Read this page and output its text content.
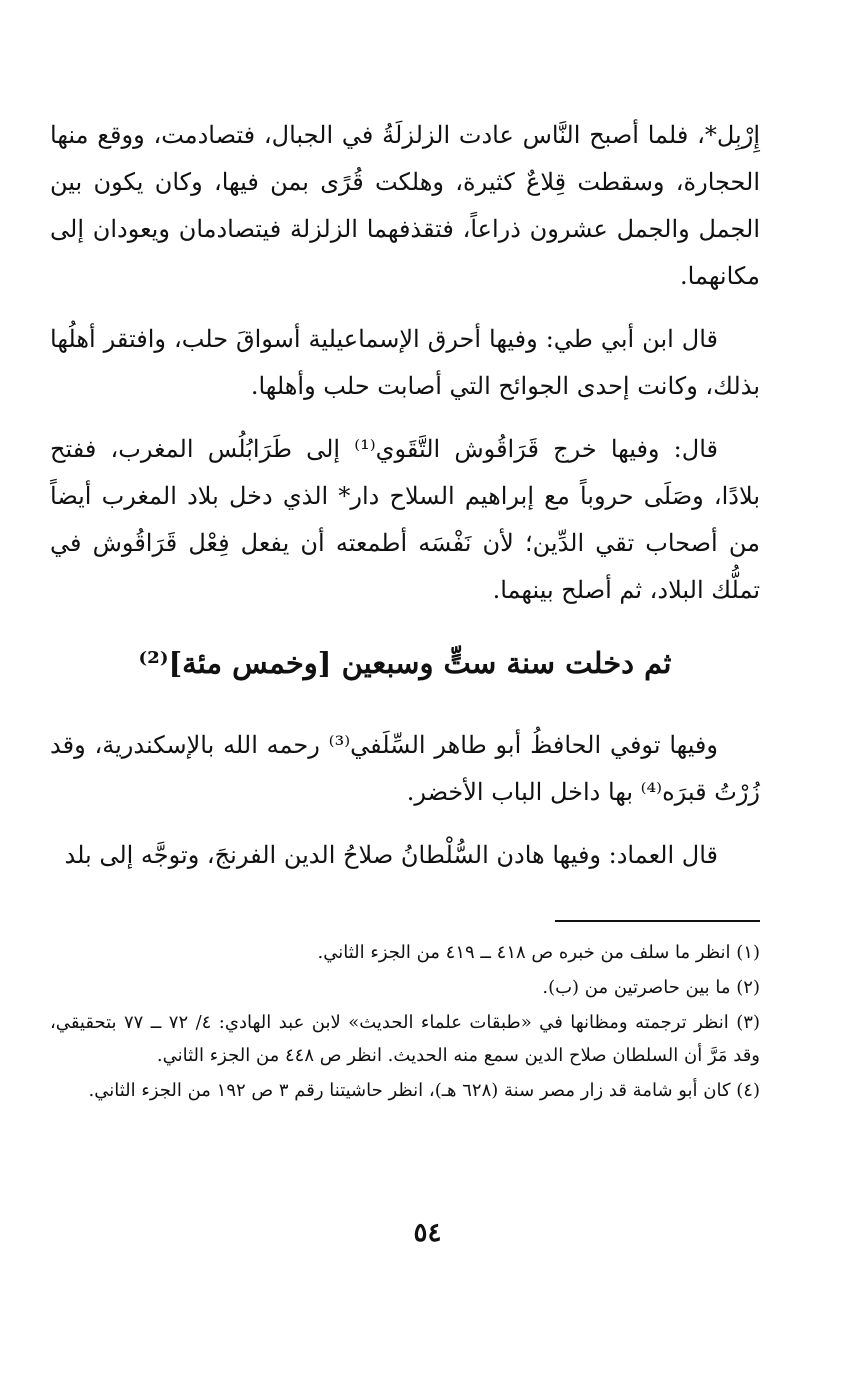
إِرْبِل*، فلما أصبح النَّاس عادت الزلزلَةُ في الجبال، فتصادمت، ووقع منها الحجارة، وسقطت قِلاعٌ كثيرة، وهلكت قُرًى بمن فيها، وكان يكون بين الجمل والجمل عشرون ذراعاً، فتقذفهما الزلزلة فيتصادمان ويعودان إلى مكانهما.

قال ابن أبي طي: وفيها أحرق الإسماعيلية أسواقَ حلب، وافتقر أهلُها بذلك، وكانت إحدى الجوائح التي أصابت حلب وأهلها.

قال: وفيها خرج قَرَاقُوش التَّقَوي⁽¹⁾ إلى طَرَابُلُس المغرب، ففتح بلادًا، وصَلَى حروباً مع إبراهيم السلاح دار* الذي دخل بلاد المغرب أيضاً من أصحاب تقي الدِّين؛ لأن نَفْسَه أطمعته أن يفعل فِعْل قَرَاقُوش في تملُّك البلاد، ثم أصلح بينهما.

ثم دخلت سنة ستٍّ وسبعين [وخمس مئة]⁽²⁾

وفيها توفي الحافظُ أبو طاهر السِّلَفي⁽³⁾ رحمه الله بالإسكندرية، وقد زُرْتُ قبرَه⁽⁴⁾ بها داخل الباب الأخضر.

قال العماد: وفيها هادن السُّلْطانُ صلاحُ الدين الفرنجَ، وتوجَّه إلى بلد

(١) انظر ما سلف من خبره ص ٤١٨ ــ ٤١٩ من الجزء الثاني.

(٢) ما بين حاصرتين من (ب).

(٣) انظر ترجمته ومظانها في «طبقات علماء الحديث» لابن عبد الهادي: ٤/ ٧٢ ــ ٧٧ بتحقيقي، وقد مَرَّ أن السلطان صلاح الدين سمع منه الحديث. انظر ص ٤٤٨ من الجزء الثاني.

(٤) كان أبو شامة قد زار مصر سنة (٦٢٨ هـ)، انظر حاشيتنا رقم ٣ ص ١٩٢ من الجزء الثاني.

٥٤
